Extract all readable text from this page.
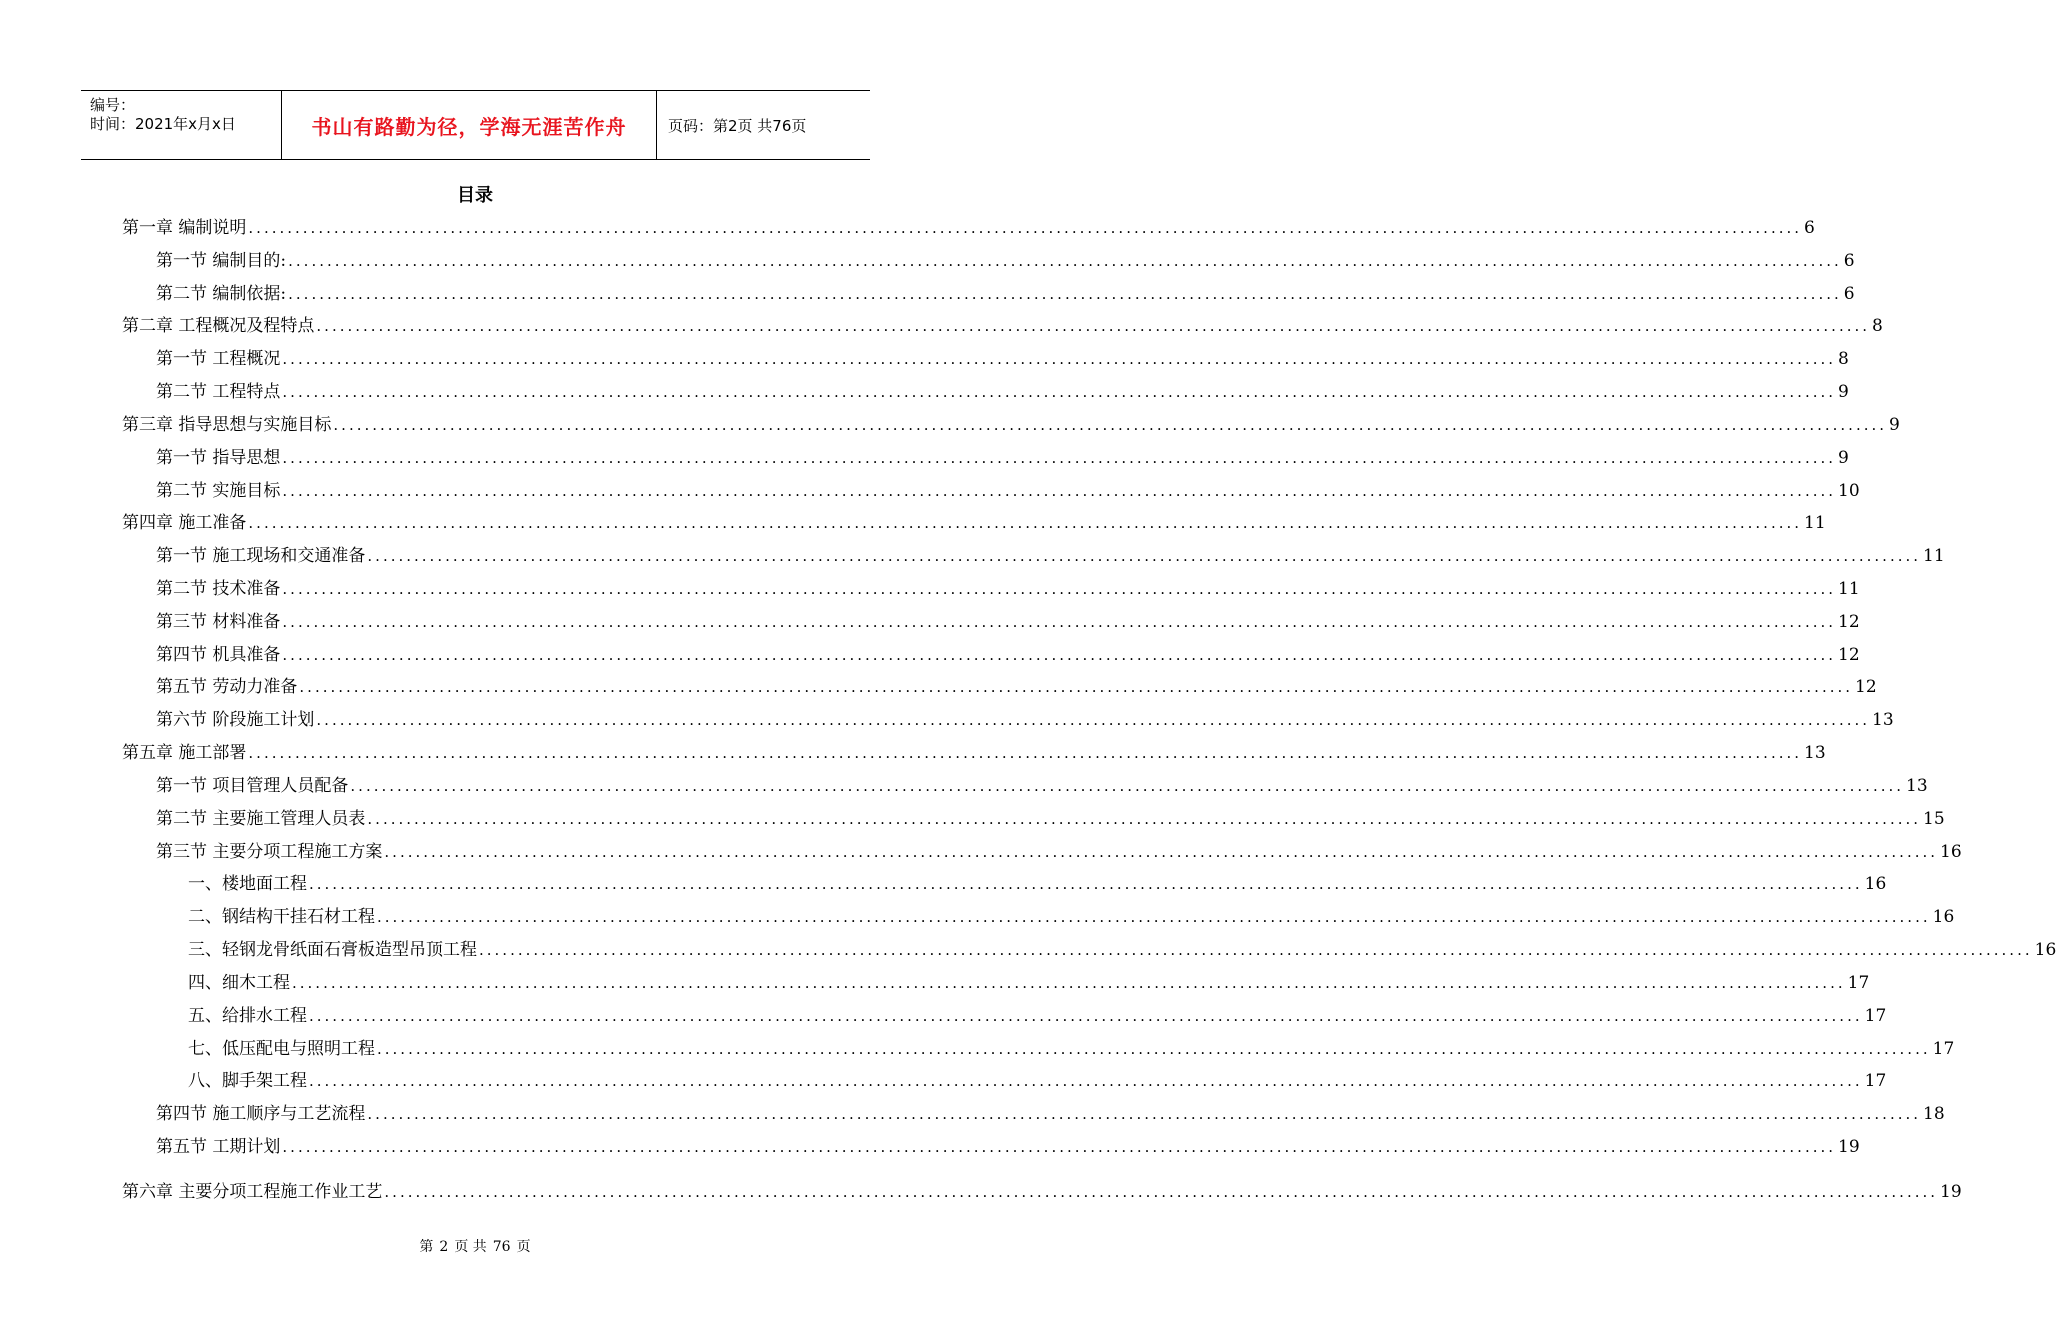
编号：
时间：2021年x月x日	书山有路勤为径，学海无涯苦作舟	页码：第2页 共76页
目录
第一章 编制说明 ........................................................................................................................................................................................................ 6
第一节 编制目的: ........................................................................................................................................................................................................ 6
第二节 编制依据: ........................................................................................................................................................................................................ 6
第二章 工程概况及程特点 ........................................................................................................................................................................................................ 8
第一节 工程概况 ........................................................................................................................................................................................................ 8
第二节 工程特点 ........................................................................................................................................................................................................ 9
第三章 指导思想与实施目标 ........................................................................................................................................................................................................ 9
第一节 指导思想 ........................................................................................................................................................................................................ 9
第二节 实施目标 ........................................................................................................................................................................................................ 10
第四章 施工准备 ........................................................................................................................................................................................................ 11
第一节 施工现场和交通准备 ........................................................................................................................................................................................................ 11
第二节 技术准备 ........................................................................................................................................................................................................ 11
第三节 材料准备 ........................................................................................................................................................................................................ 12
第四节 机具准备 ........................................................................................................................................................................................................ 12
第五节 劳动力准备 ........................................................................................................................................................................................................ 12
第六节 阶段施工计划 ........................................................................................................................................................................................................ 13
第五章 施工部署 ........................................................................................................................................................................................................ 13
第一节 项目管理人员配备 ........................................................................................................................................................................................................ 13
第二节 主要施工管理人员表 ........................................................................................................................................................................................................ 15
第三节 主要分项工程施工方案 ........................................................................................................................................................................................................ 16
一、楼地面工程 ........................................................................................................................................................................................................ 16
二、钢结构干挂石材工程 ........................................................................................................................................................................................................ 16
三、轻钢龙骨纸面石膏板造型吊顶工程 ........................................................................................................................................................................................................ 16
四、细木工程 ........................................................................................................................................................................................................ 17
五、给排水工程 ........................................................................................................................................................................................................ 17
七、低压配电与照明工程 ........................................................................................................................................................................................................ 17
八、脚手架工程 ........................................................................................................................................................................................................ 17
第四节 施工顺序与工艺流程 ........................................................................................................................................................................................................ 18
第五节 工期计划 ........................................................................................................................................................................................................ 19
第六章 主要分项工程施工作业工艺 ........................................................................................................................................................................................................ 19
第 2 页 共 76 页
